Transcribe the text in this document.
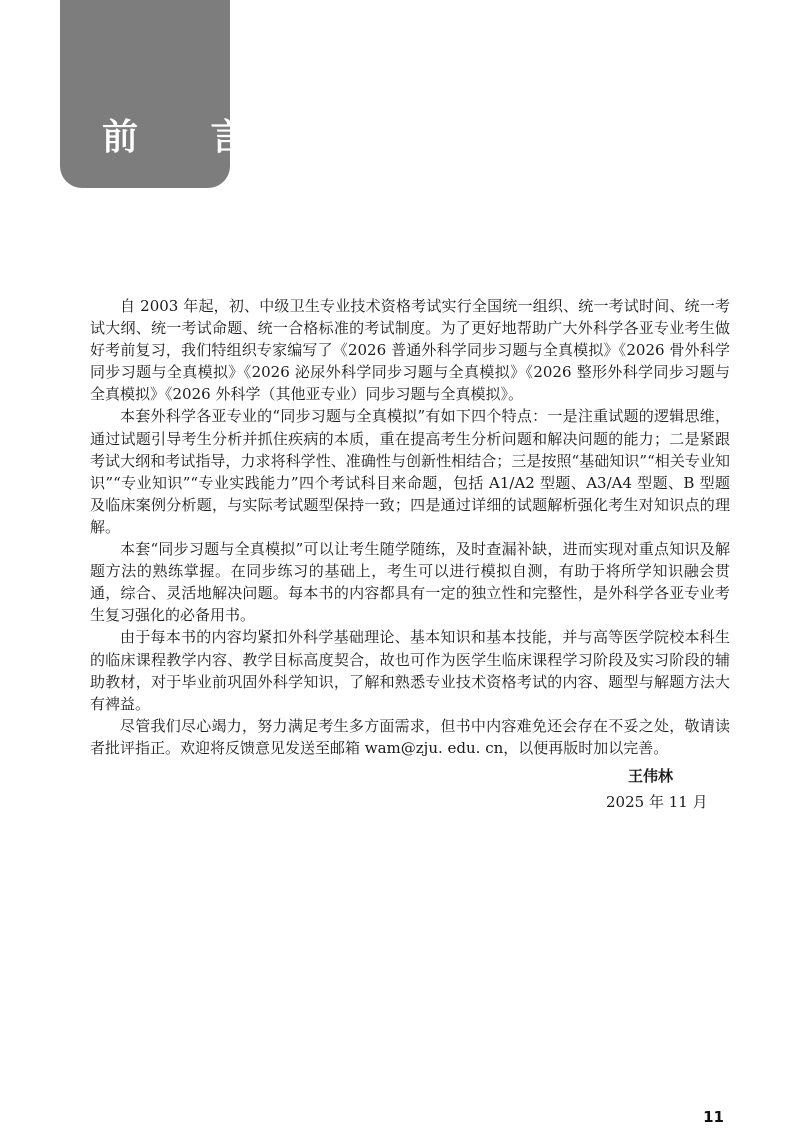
前 言

自 2003 年起，初、中级卫生专业技术资格考试实行全国统一组织、统一考试时间、统一考试大纲、统一考试命题、统一合格标准的考试制度。为了更好地帮助广大外科学各亚专业考生做好考前复习，我们特组织专家编写了《2026 普通外科学同步习题与全真模拟》《2026 骨外科学同步习题与全真模拟》《2026 泌尿外科学同步习题与全真模拟》《2026 整形外科学同步习题与全真模拟》《2026 外科学（其他亚专业）同步习题与全真模拟》。

本套外科学各亚专业的“同步习题与全真模拟”有如下四个特点：一是注重试题的逻辑思维，通过试题引导考生分析并抓住疾病的本质，重在提高考生分析问题和解决问题的能力；二是紧跟考试大纲和考试指导，力求将科学性、准确性与创新性相结合；三是按照“基础知识”“相关专业知识”“专业知识”“专业实践能力”四个考试科目来命题，包括 A1/A2 型题、A3/A4 型题、B 型题及临床案例分析题，与实际考试题型保持一致；四是通过详细的试题解析强化考生对知识点的理解。

本套“同步习题与全真模拟”可以让考生随学随练，及时查漏补缺，进而实现对重点知识及解题方法的熟练掌握。在同步练习的基础上，考生可以进行模拟自测，有助于将所学知识融会贯通，综合、灵活地解决问题。每本书的内容都具有一定的独立性和完整性，是外科学各亚专业考生复习强化的必备用书。

由于每本书的内容均紧扣外科学基础理论、基本知识和基本技能，并与高等医学院校本科生的临床课程教学内容、教学目标高度契合，故也可作为医学生临床课程学习阶段及实习阶段的辅助教材，对于毕业前巩固外科学知识，了解和熟悉专业技术资格考试的内容、题型与解题方法大有裨益。

尽管我们尽心竭力，努力满足考生多方面需求，但书中内容难免还会存在不妥之处，敬请读者批评指正。欢迎将反馈意见发送至邮箱 wam@zju. edu. cn，以便再版时加以完善。

王伟林
2025 年 11 月
11
